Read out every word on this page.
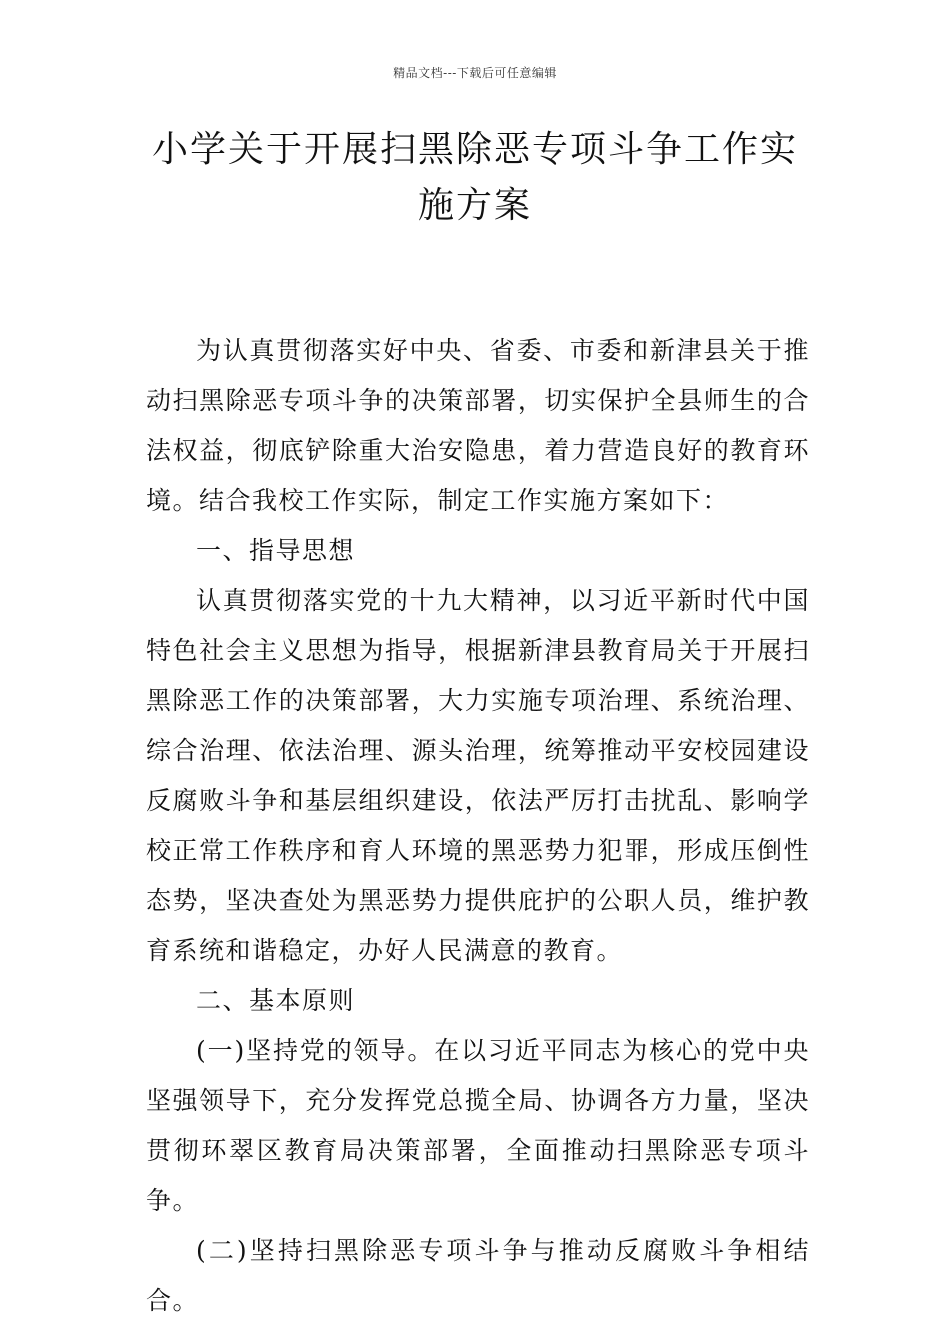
精品文档---下载后可任意编辑
小学关于开展扫黑除恶专项斗争工作实施方案

为认真贯彻落实好中央、省委、市委和新津县关于推动扫黑除恶专项斗争的决策部署，切实保护全县师生的合法权益，彻底铲除重大治安隐患，着力营造良好的教育环境。结合我校工作实际，制定工作实施方案如下：

一、指导思想

认真贯彻落实党的十九大精神，以习近平新时代中国特色社会主义思想为指导，根据新津县教育局关于开展扫黑除恶工作的决策部署，大力实施专项治理、系统治理、综合治理、依法治理、源头治理，统筹推动平安校园建设反腐败斗争和基层组织建设，依法严厉打击扰乱、影响学校正常工作秩序和育人环境的黑恶势力犯罪，形成压倒性态势，坚决查处为黑恶势力提供庇护的公职人员，维护教育系统和谐稳定，办好人民满意的教育。

二、基本原则

(一)坚持党的领导。在以习近平同志为核心的党中央坚强领导下，充分发挥党总揽全局、协调各方力量，坚决贯彻环翠区教育局决策部署，全面推动扫黑除恶专项斗争。

(二)坚持扫黑除恶专项斗争与推动反腐败斗争相结合。
